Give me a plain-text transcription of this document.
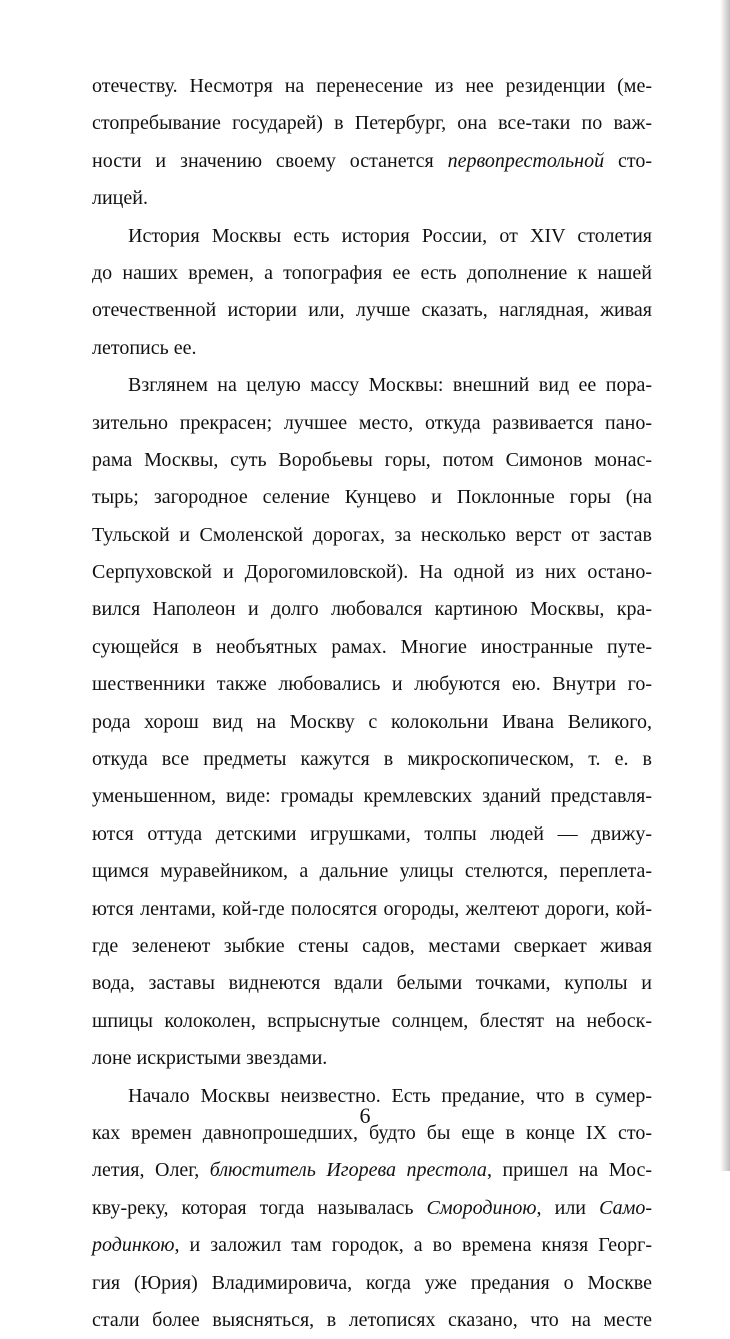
отечеству. Несмотря на перенесение из нее резиденции (ме-
стопребывание государей) в Петербург, она все-таки по важ-
ности и значению своему останется первопрестольной сто-
лицей.
История Москвы есть история России, от XIV столетия
до наших времен, а топография ее есть дополнение к нашей
отечественной истории или, лучше сказать, наглядная, живая
летопись ее.
Взглянем на целую массу Москвы: внешний вид ее пора-
зительно прекрасен; лучшее место, откуда развивается пано-
рама Москвы, суть Воробьевы горы, потом Симонов монас-
тырь; загородное селение Кунцево и Поклонные горы (на
Тульской и Смоленской дорогах, за несколько верст от застав
Серпуховской и Дорогомиловской). На одной из них остано-
вился Наполеон и долго любовался картиною Москвы, кра-
сующейся в необъятных рамах. Многие иностранные путе-
шественники также любовались и любуются ею. Внутри го-
рода хорош вид на Москву с колокольни Ивана Великого,
откуда все предметы кажутся в микроскопическом, т. е. в
уменьшенном, виде: громады кремлевских зданий представля-
ются оттуда детскими игрушками, толпы людей — движу-
щимся муравейником, а дальние улицы стелются, переплета-
ются лентами, кой-где полосятся огороды, желтеют дороги, кой-
где зеленеют зыбкие стены садов, местами сверкает живая
вода, заставы виднеются вдали белыми точками, куполы и
шпицы колоколен, вспрыснутые солнцем, блестят на небоск-
лоне искристыми звездами.
Начало Москвы неизвестно. Есть предание, что в сумер-
ках времен давнопрошедших, будто бы еще в конце IX сто-
летия, Олег, блюститель Игорева престола, пришел на Мос-
кву-реку, которая тогда называлась Смородиною, или Само-
родинкою, и заложил там городок, а во времена князя Георг-
гия (Юрия) Владимировича, когда уже предания о Москве
стали более выясняться, в летописях сказано, что на месте
6
